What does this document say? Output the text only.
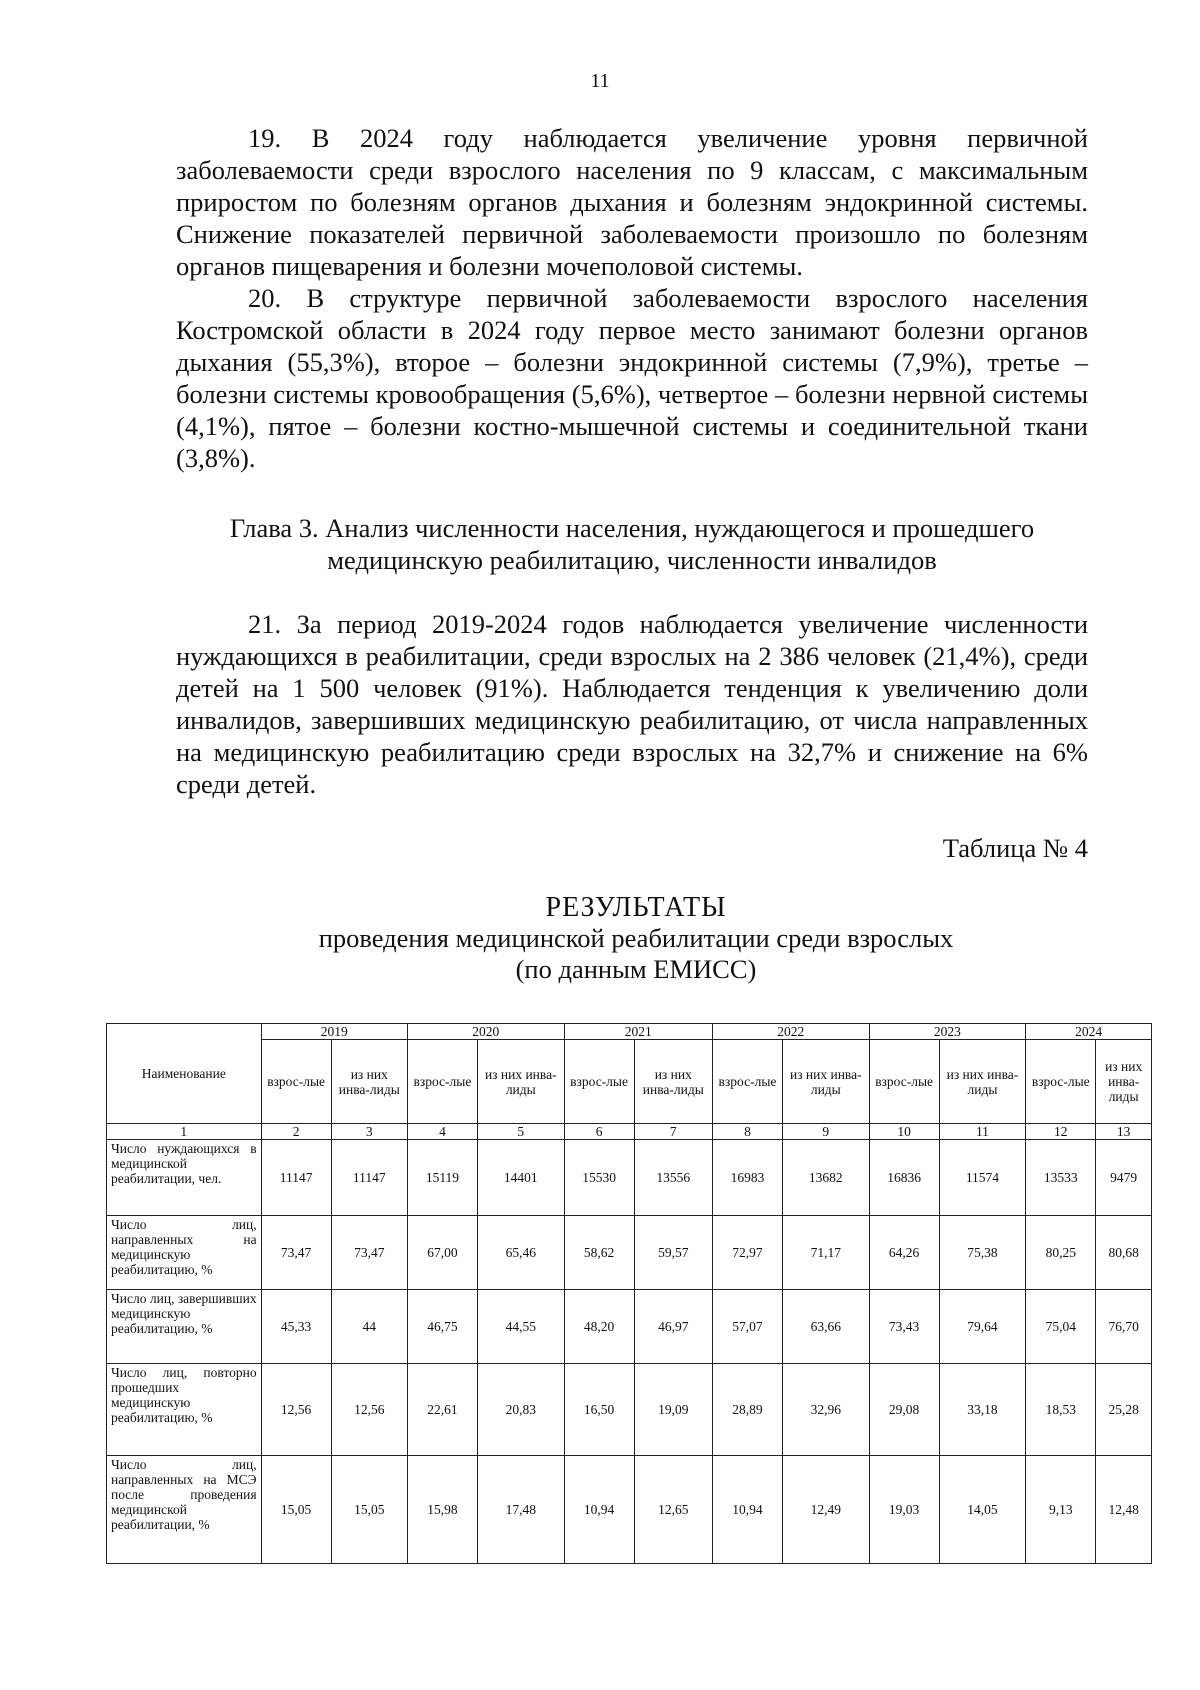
11

19. В 2024 году наблюдается увеличение уровня первичной заболеваемости среди взрослого населения по 9 классам, с максимальным приростом по болезням органов дыхания и болезням эндокринной системы. Снижение показателей первичной заболеваемости произошло по болезням органов пищеварения и болезни мочеполовой системы.

20. В структуре первичной заболеваемости взрослого населения Костромской области в 2024 году первое место занимают болезни органов дыхания (55,3%), второе – болезни эндокринной системы (7,9%), третье – болезни системы кровообращения (5,6%), четвертое – болезни нервной системы (4,1%), пятое – болезни костно-мышечной системы и соединительной ткани (3,8%).

Глава 3. Анализ численности населения, нуждающегося и прошедшего
медицинскую реабилитацию, численности инвалидов

21. За период 2019-2024 годов наблюдается увеличение численности нуждающихся в реабилитации, среди взрослых на 2 386 человек (21,4%), среди детей на 1 500 человек (91%). Наблюдается тенденция к увеличению доли инвалидов, завершивших медицинскую реабилитацию, от числа направленных на медицинскую реабилитацию среди взрослых на 32,7% и снижение на 6% среди детей.

Таблица № 4
РЕЗУЛЬТАТЫ
проведения медицинской реабилитации среди взрослых
(по данным ЕМИСС)
Наименование	2019		2020		2021		2022		2023		2024	
	взрос-лые	из них инва-лиды	взрос-лые	из них инва-лиды	взрос-лые	из них инва-лиды	взрос-лые	из них инва-лиды	взрос-лые	из них инва-лиды	взрос-лые	из них инва-лиды
1	2	3	4	5	6	7	8	9	10	11	12	13
Число нуждающихся в медицинской реабилитации, чел.	11147	11147	15119	14401	15530	13556	16983	13682	16836	11574	13533	9479
Число лиц, направленных на медицинскую реабилитацию, %	73,47	73,47	67,00	65,46	58,62	59,57	72,97	71,17	64,26	75,38	80,25	80,68
Число лиц, завершивших медицинскую реабилитацию, %	45,33	44	46,75	44,55	48,20	46,97	57,07	63,66	73,43	79,64	75,04	76,70
Число лиц, повторно прошедших медицинскую реабилитацию, %	12,56	12,56	22,61	20,83	16,50	19,09	28,89	32,96	29,08	33,18	18,53	25,28
Число лиц, направленных на МСЭ после проведения медицинской реабилитации, %	15,05	15,05	15,98	17,48	10,94	12,65	10,94	12,49	19,03	14,05	9,13	12,48
